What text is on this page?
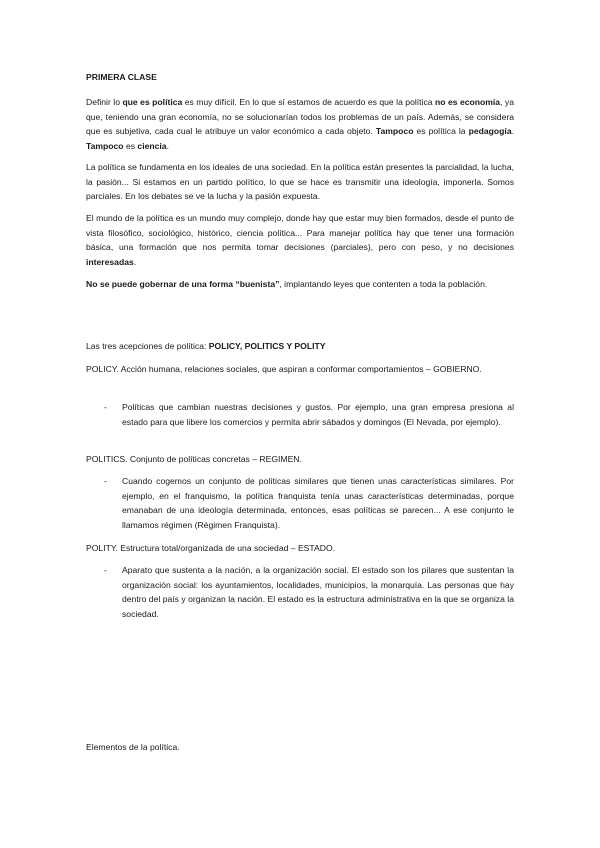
PRIMERA CLASE

Definir lo que es política es muy difícil. En lo que sí estamos de acuerdo es que la política no es economía, ya que, teniendo una gran economía, no se solucionarían todos los problemas de un país. Además, se considera que es subjetiva, cada cual le atribuye un valor económico a cada objeto. Tampoco es política la pedagogía. Tampoco es ciencia.

La política se fundamenta en los ideales de una sociedad. En la política están presentes la parcialidad, la lucha, la pasión... Si estamos en un partido político, lo que se hace es transmitir una ideología, imponerla. Somos parciales. En los debates se ve la lucha y la pasión expuesta.

El mundo de la política es un mundo muy complejo, donde hay que estar muy bien formados, desde el punto de vista filosófico, sociológico, histórico, ciencia política... Para manejar política hay que tener una formación básica, una formación que nos permita tomar decisiones (parciales), pero con peso, y no decisiones interesadas.

No se puede gobernar de una forma “buenista”, implantando leyes que contenten a toda la población.

Las tres acepciones de política: POLICY, POLITICS Y POLITY

POLICY. Acción humana, relaciones sociales, que aspiran a conformar comportamientos – GOBIERNO.

-	Políticas que cambian nuestras decisiones y gustos. Por ejemplo, una gran empresa presiona al estado para que libere los comercios y permita abrir sábados y domingos (El Nevada, por ejemplo).

POLITICS. Conjunto de políticas concretas – REGIMEN.

-	Cuando cogemos un conjunto de políticas similares que tienen unas características similares. Por ejemplo, en el franquismo, la política franquista tenía unas características determinadas, porque emanaban de una ideología determinada, entonces, esas políticas se parecen... A ese conjunto le llamamos régimen (Régimen Franquista).

POLITY. Estructura total/organizada de una sociedad – ESTADO.

-	Aparato que sustenta a la nación, a la organización social. El estado son los pilares que sustentan la organización social: los ayuntamientos, localidades, municipios, la monarquía. Las personas que hay dentro del país y organizan la nación. El estado es la estructura administrativa en la que se organiza la sociedad.

Elementos de la política.
